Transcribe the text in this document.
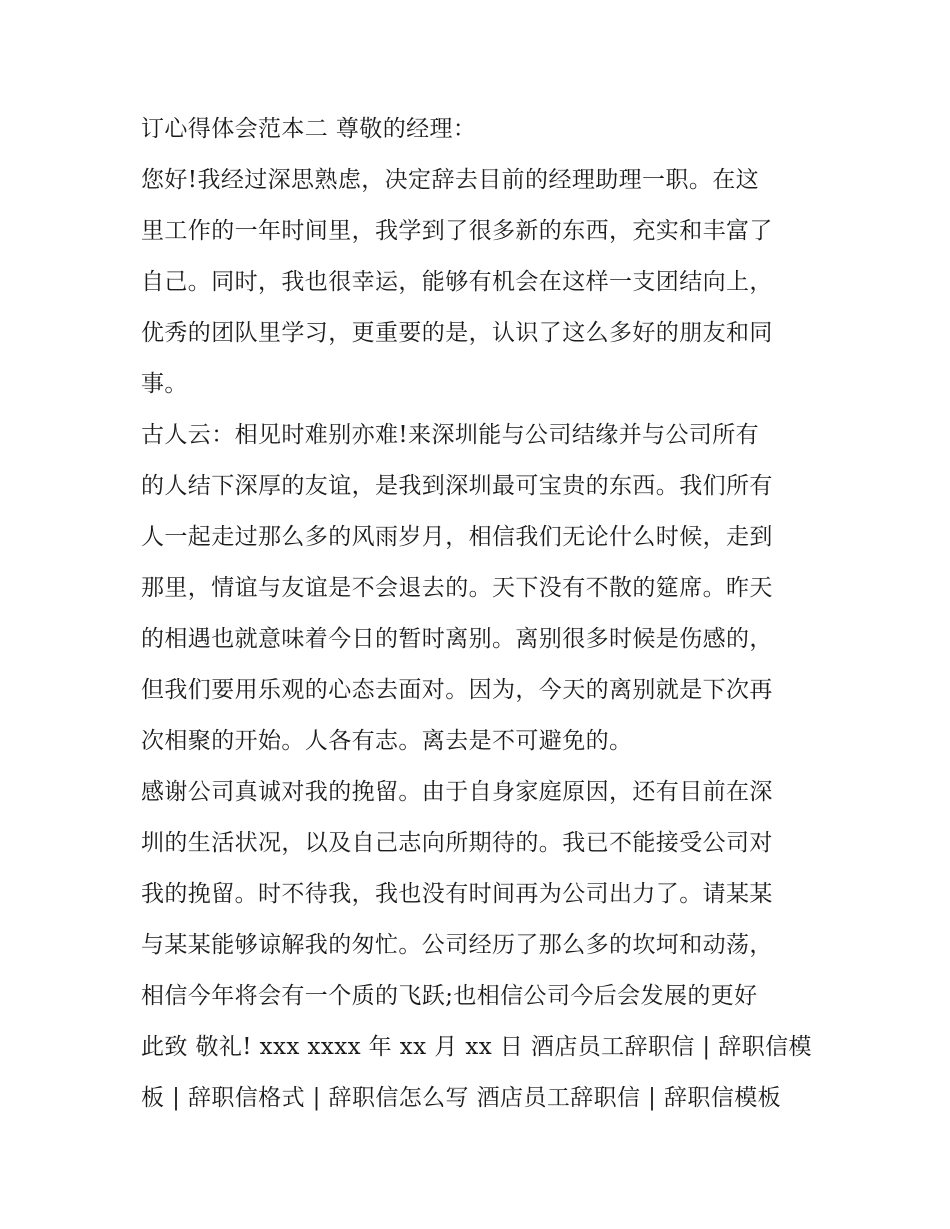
订心得体会范本二 尊敬的经理：
您好!我经过深思熟虑，决定辞去目前的经理助理一职。在这
里工作的一年时间里，我学到了很多新的东西，充实和丰富了
自己。同时，我也很幸运，能够有机会在这样一支团结向上，
优秀的团队里学习，更重要的是，认识了这么多好的朋友和同
事。
古人云：相见时难别亦难!来深圳能与公司结缘并与公司所有
的人结下深厚的友谊，是我到深圳最可宝贵的东西。我们所有
人一起走过那么多的风雨岁月，相信我们无论什么时候，走到
那里，情谊与友谊是不会退去的。天下没有不散的筵席。昨天
的相遇也就意味着今日的暂时离别。离别很多时候是伤感的，
但我们要用乐观的心态去面对。因为，今天的离别就是下次再
次相聚的开始。人各有志。离去是不可避免的。
感谢公司真诚对我的挽留。由于自身家庭原因，还有目前在深
圳的生活状况，以及自己志向所期待的。我已不能接受公司对
我的挽留。时不待我，我也没有时间再为公司出力了。请某某
与某某能够谅解我的匆忙。公司经历了那么多的坎坷和动荡，
相信今年将会有一个质的飞跃;也相信公司今后会发展的更好
此致 敬礼! xxx xxxx 年 xx 月 xx 日 酒店员工辞职信 | 辞职信模
板 | 辞职信格式 | 辞职信怎么写 酒店员工辞职信 | 辞职信模板
